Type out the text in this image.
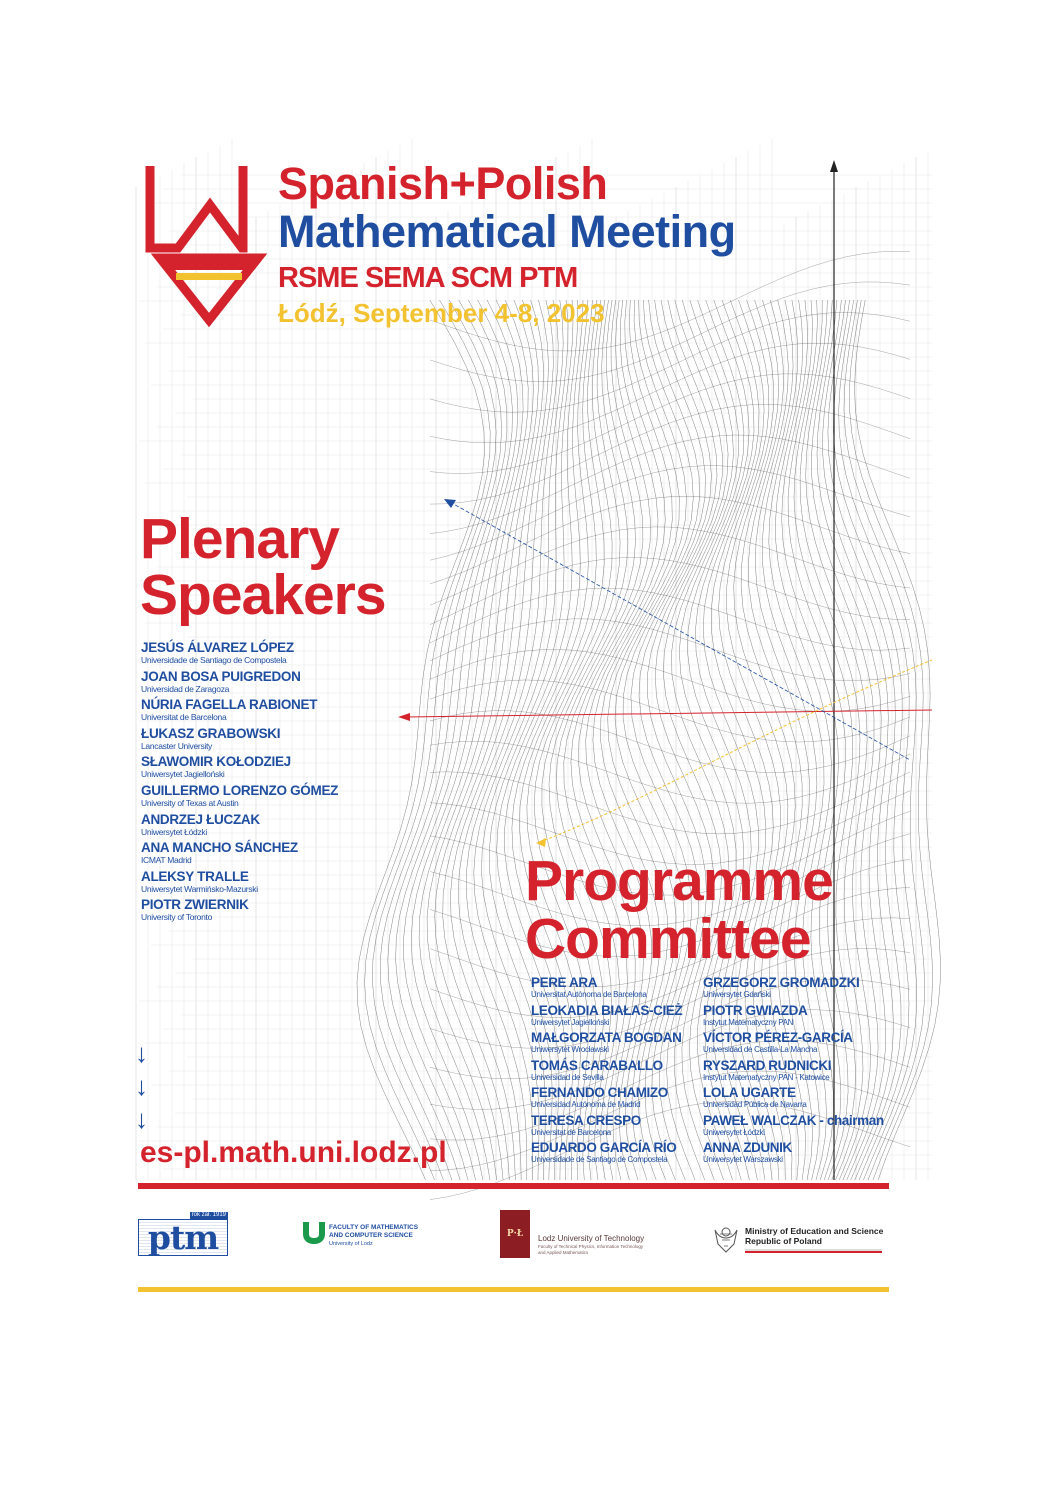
Spanish+Polish
Mathematical Meeting
RSME SEMA SCM PTM
Łódź, September 4-8, 2023
Plenary
Speakers
JESÚS ÁLVAREZ LÓPEZ
Universidade de Santiago de Compostela
JOAN BOSA PUIGREDON
Universidad de Zaragoza
NÚRIA FAGELLA RABIONET
Universitat de Barcelona
ŁUKASZ GRABOWSKI
Lancaster University
SŁAWOMIR KOŁODZIEJ
Uniwersytet Jagielloński
GUILLERMO LORENZO GÓMEZ
University of Texas at Austin
ANDRZEJ ŁUCZAK
Uniwersytet Łódzki
ANA MANCHO SÁNCHEZ
ICMAT Madrid
ALEKSY TRALLE
Uniwersytet Warmińsko-Mazurski
PIOTR ZWIERNIK
University of Toronto
Programme
Committee
PERE ARA
Universitat Autònoma de Barcelona
LEOKADIA BIAŁAS-CIEŻ
Uniwersytet Jagielloński
MAŁGORZATA BOGDAN
Uniwersytet Wrocławski
TOMÁS CARABALLO
Universidad de Sevilla
FERNANDO CHAMIZO
Universidad Autónoma de Madrid
TERESA CRESPO
Universitat de Barcelona
EDUARDO GARCÍA RÍO
Universidade de Santiago de Compostela
GRZEGORZ GROMADZKI
Uniwersytet Gdański
PIOTR GWIAZDA
Instytut Matematyczny PAN
VÍCTOR PÉREZ-GARCÍA
Universidad de Castilla-La Mancha
RYSZARD RUDNICKI
Instytut Matematyczny PAN - Katowice
LOLA UGARTE
Universidad Pública de Navarra
PAWEŁ WALCZAK - chairman
Uniwersytet Łódzki
ANNA ZDUNIK
Uniwersytet Warszawski
↓
↓
↓
es-pl.math.uni.lodz.pl
rok zał. 1919
ptm	FACULTY OF MATHEMATICS
AND COMPUTER SCIENCE
University of Lodz
P·Ł	Lodz University of Technology
Faculty of Technical Physics, Information Technology
and Applied Mathematics
Ministry of Education and Science
Republic of Poland
